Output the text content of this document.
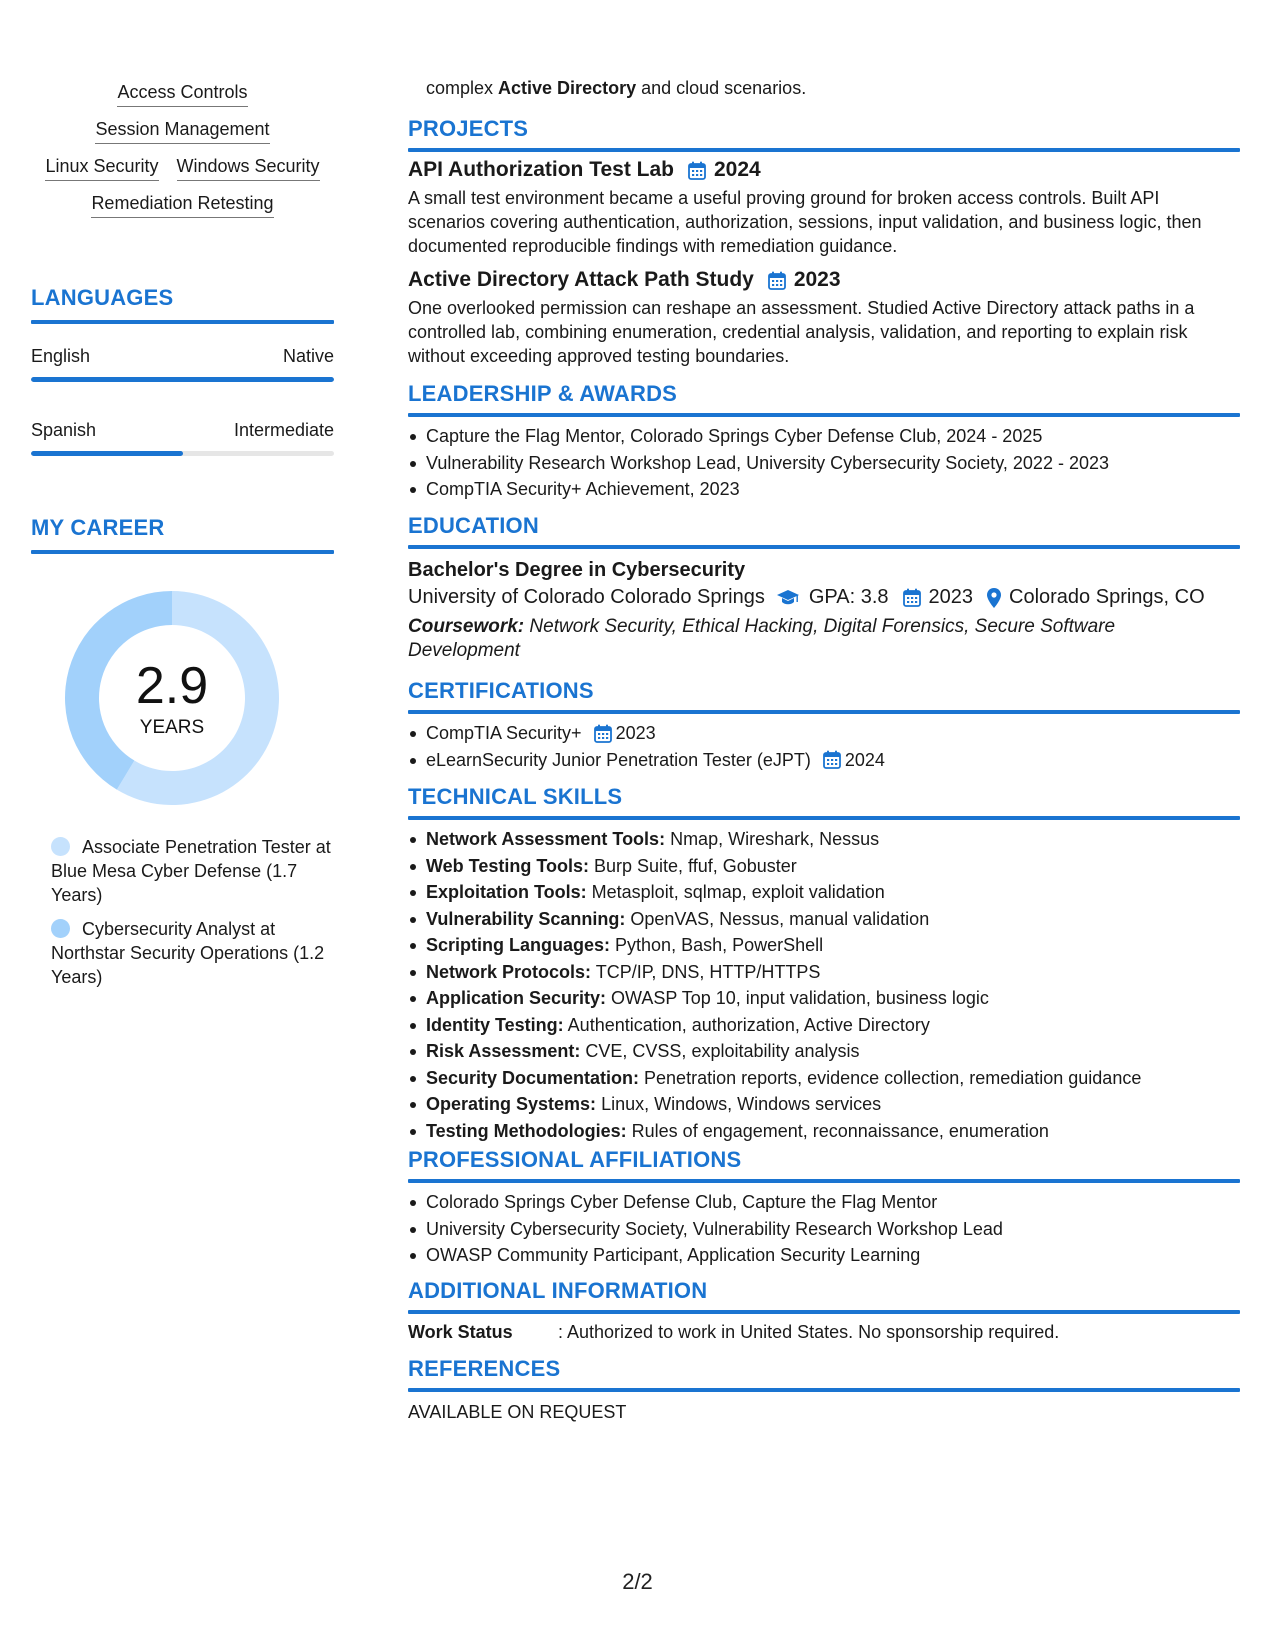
Access Controls
Session Management
Linux Security Windows Security
Remediation Retesting
LANGUAGES
English	Native
Spanish	Intermediate
MY CAREER
2.9
YEARS
Associate Penetration Tester at Blue Mesa Cyber Defense (1.7 Years)
Cybersecurity Analyst at Northstar Security Operations (1.2 Years)
complex Active Directory and cloud scenarios.
PROJECTS
API Authorization Test Lab 2024
A small test environment became a useful proving ground for broken access controls. Built API scenarios covering authentication, authorization, sessions, input validation, and business logic, then documented reproducible findings with remediation guidance.
Active Directory Attack Path Study 2023
One overlooked permission can reshape an assessment. Studied Active Directory attack paths in a controlled lab, combining enumeration, credential analysis, validation, and reporting to explain risk without exceeding approved testing boundaries.
LEADERSHIP & AWARDS
Capture the Flag Mentor, Colorado Springs Cyber Defense Club, 2024 - 2025
Vulnerability Research Workshop Lead, University Cybersecurity Society, 2022 - 2023
CompTIA Security+ Achievement, 2023
EDUCATION
Bachelor's Degree in Cybersecurity
University of Colorado Colorado Springs GPA: 3.8 2023 Colorado Springs, CO
Coursework: Network Security, Ethical Hacking, Digital Forensics, Secure Software Development
CERTIFICATIONS
CompTIA Security+ 2023
eLearnSecurity Junior Penetration Tester (eJPT) 2024
TECHNICAL SKILLS
Network Assessment Tools: Nmap, Wireshark, Nessus
Web Testing Tools: Burp Suite, ffuf, Gobuster
Exploitation Tools: Metasploit, sqlmap, exploit validation
Vulnerability Scanning: OpenVAS, Nessus, manual validation
Scripting Languages: Python, Bash, PowerShell
Network Protocols: TCP/IP, DNS, HTTP/HTTPS
Application Security: OWASP Top 10, input validation, business logic
Identity Testing: Authentication, authorization, Active Directory
Risk Assessment: CVE, CVSS, exploitability analysis
Security Documentation: Penetration reports, evidence collection, remediation guidance
Operating Systems: Linux, Windows, Windows services
Testing Methodologies: Rules of engagement, reconnaissance, enumeration
PROFESSIONAL AFFILIATIONS
Colorado Springs Cyber Defense Club, Capture the Flag Mentor
University Cybersecurity Society, Vulnerability Research Workshop Lead
OWASP Community Participant, Application Security Learning
ADDITIONAL INFORMATION
Work Status	: Authorized to work in United States. No sponsorship required.
REFERENCES
AVAILABLE ON REQUEST
2/2
